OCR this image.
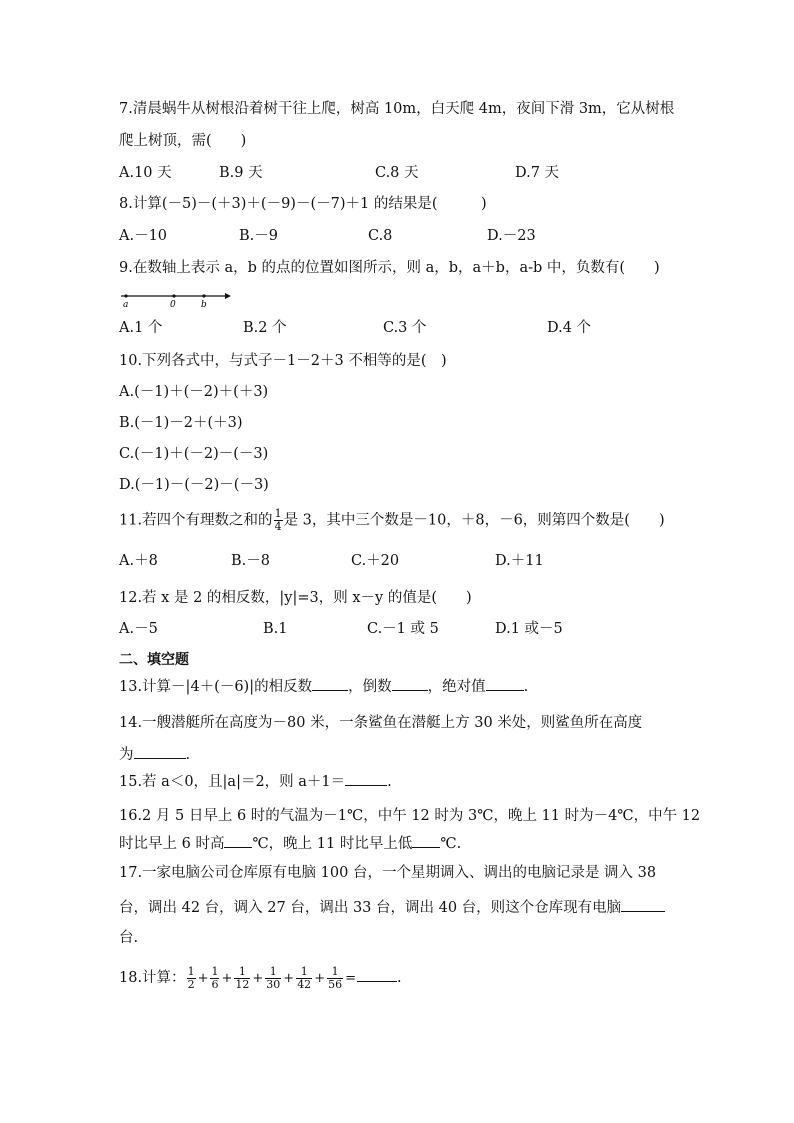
7.清晨蜗牛从树根沿着树干往上爬，树高 10m，白天爬 4m，夜间下滑 3m，它从树根
爬上树顶，需(　　)
A.10 天	B.9 天	C.8 天	D.7 天
8.计算(－5)－(＋3)＋(－9)－(－7)＋1 的结果是(　　　)
A.－10	B.－9	C.8	D.－23
9.在数轴上表示 a，b 的点的位置如图所示，则 a，b，a＋b，a-b 中，负数有(　　)
a	0	b
A.1 个	B.2 个	C.3 个	D.4 个
10.下列各式中，与式子－1－2＋3 不相等的是(　)
A.(－1)＋(－2)＋(＋3)
B.(－1)－2＋(＋3)
C.(－1)＋(－2)－(－3)
D.(－1)－(－2)－(－3)
11.若四个有理数之和的 $\frac{1}{4}$ 是 3，其中三个数是－10，＋8，－6，则第四个数是(　　)
A.＋8	B.－8	C.＋20	D.＋11
12.若 x 是 2 的相反数，|y|=3，则 x－y 的值是(　　)
A.－5	B.1	C.－1 或 5	D.1 或－5
二、填空题
13.计算－|4＋(－6)|的相反数 ，倒数 ，绝对值	.
14.一艘潜艇所在高度为－80 米，一条鲨鱼在潜艇上方 30 米处，则鲨鱼所在高度
为	.
15.若 a＜0，且|a|＝2，则 a＋1＝	.
16.2 月 5 日早上 6 时的气温为－1℃，中午 12 时为 3℃，晚上 11 时为－4℃，中午 12
时比早上 6 时高 ℃，晚上 11 时比早上低 ℃.
17.一家电脑公司仓库原有电脑 100 台，一个星期调入、调出的电脑记录是 调入 38
台，调出 42 台，调入 27 台，调出 33 台，调出 40 台，则这个仓库现有电脑
台.
18.计算： $\frac{1}{2} + \frac{1}{6} + \frac{1}{12} + \frac{1}{30} + \frac{1}{42} + \frac{1}{56}$ =	.
